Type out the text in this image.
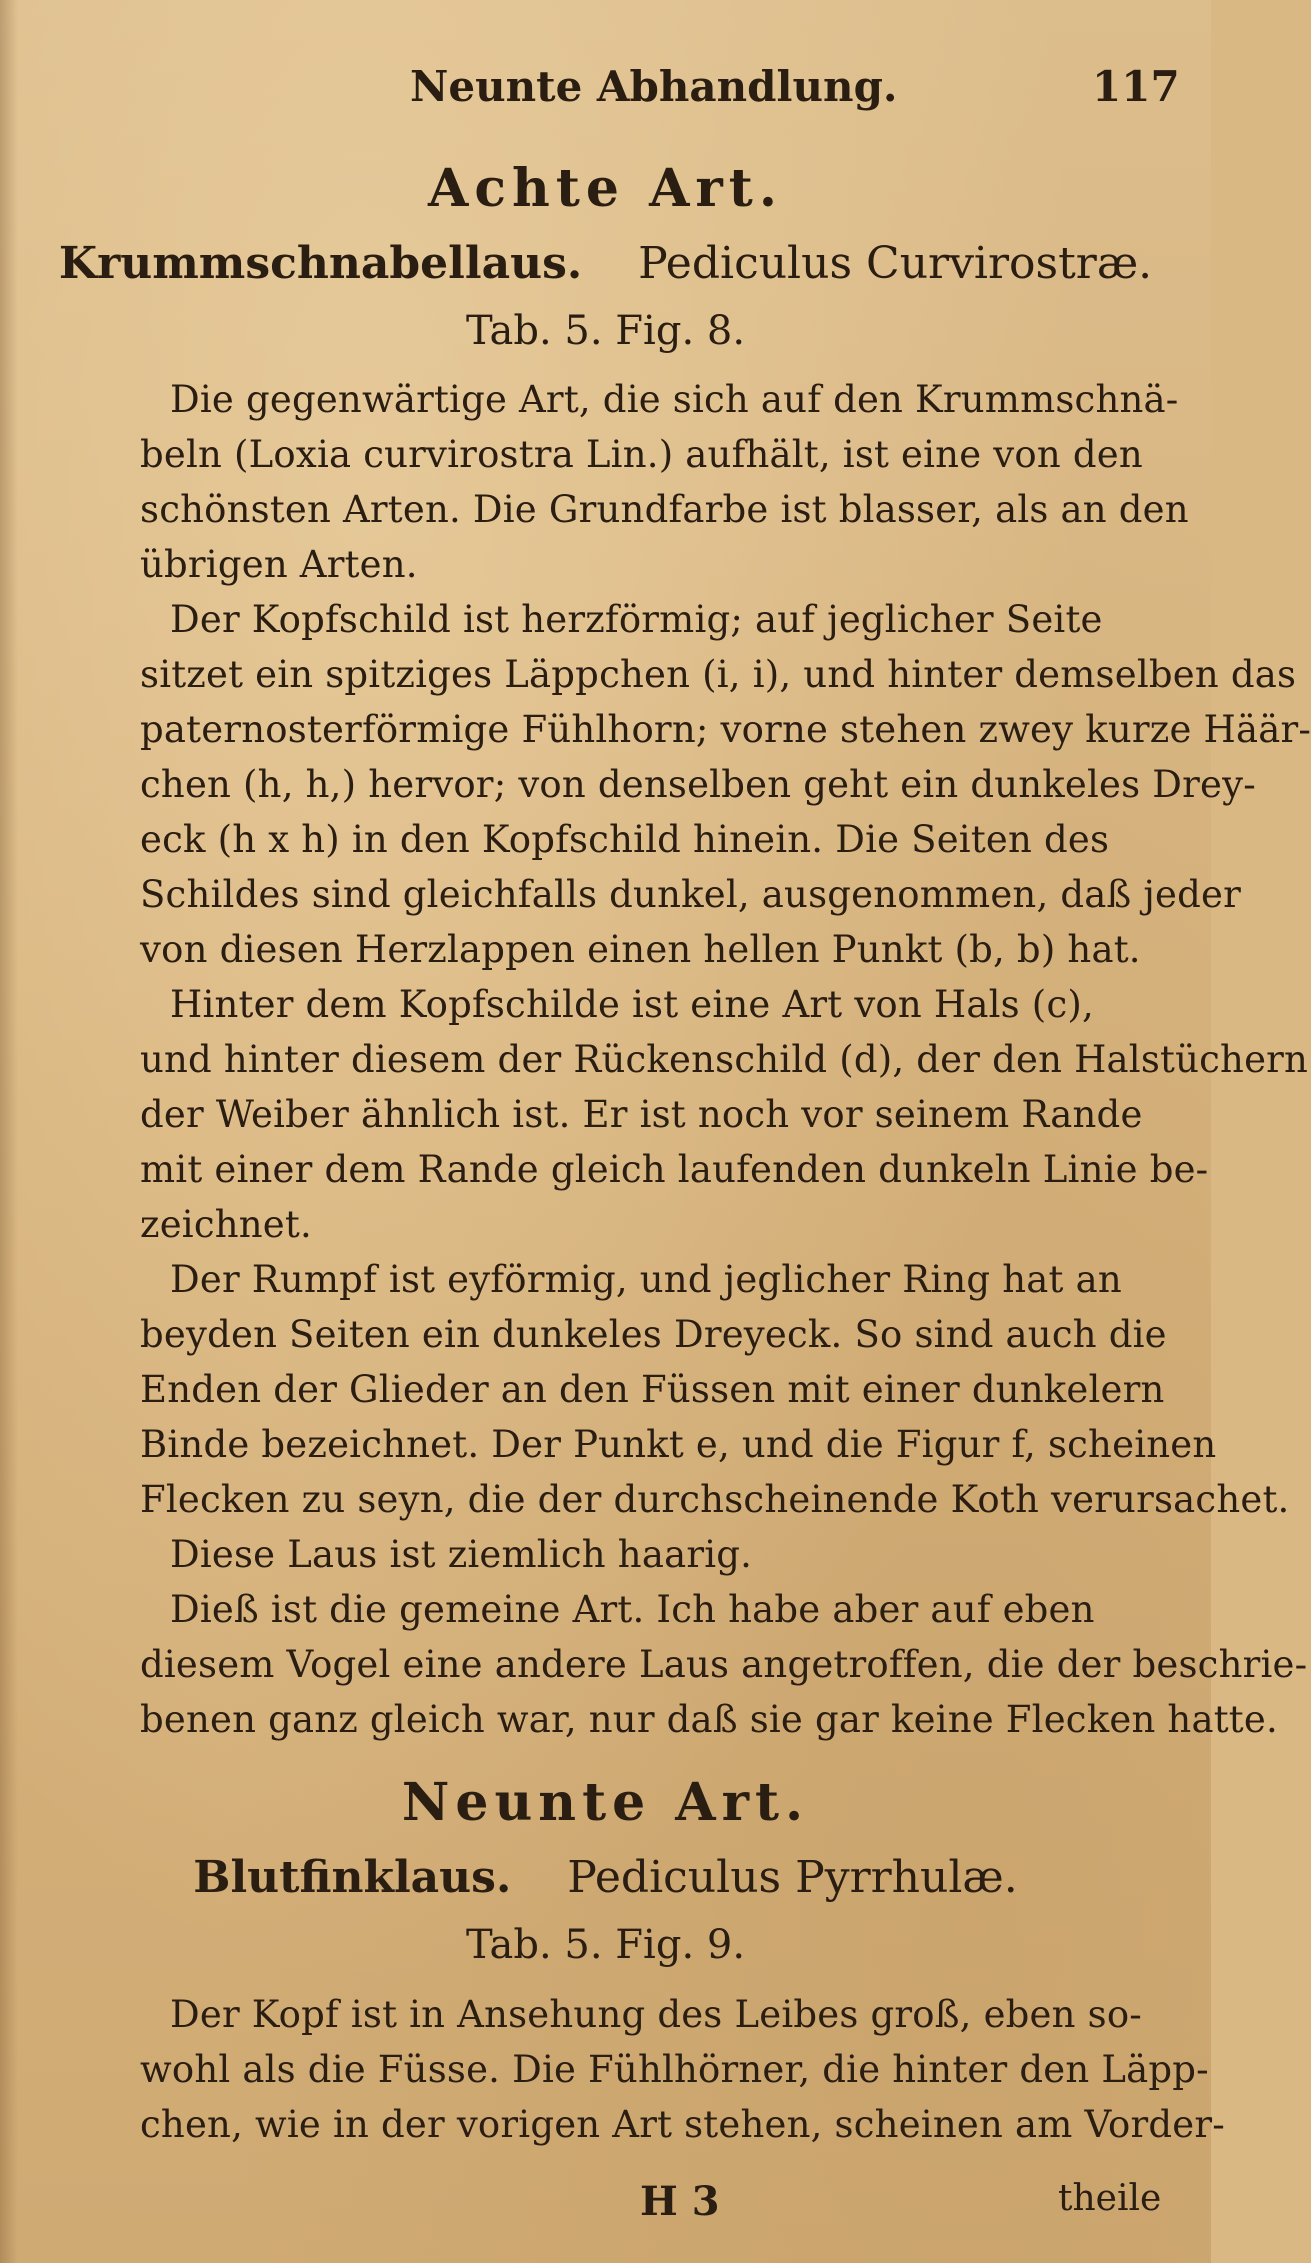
Neunte Abhandlung.	117
Achte Art.
Krummschnabellaus. Pediculus Curvirostræ.
Tab. 5. Fig. 8.
Die gegenwärtige Art, die sich auf den Krummschnä-
beln (Loxia curvirostra Lin.) aufhält, ist eine von den
schönsten Arten. Die Grundfarbe ist blasser, als an den
übrigen Arten.
Der Kopfschild ist herzförmig; auf jeglicher Seite
sitzet ein spitziges Läppchen (i, i), und hinter demselben das
paternosterförmige Fühlhorn; vorne stehen zwey kurze Häär-
chen (h, h,) hervor; von denselben geht ein dunkeles Drey-
eck (h x h) in den Kopfschild hinein. Die Seiten des
Schildes sind gleichfalls dunkel, ausgenommen, daß jeder
von diesen Herzlappen einen hellen Punkt (b, b) hat.
Hinter dem Kopfschilde ist eine Art von Hals (c),
und hinter diesem der Rückenschild (d), der den Halstüchern
der Weiber ähnlich ist. Er ist noch vor seinem Rande
mit einer dem Rande gleich laufenden dunkeln Linie be-
zeichnet.
Der Rumpf ist eyförmig, und jeglicher Ring hat an
beyden Seiten ein dunkeles Dreyeck. So sind auch die
Enden der Glieder an den Füssen mit einer dunkelern
Binde bezeichnet. Der Punkt e, und die Figur f, scheinen
Flecken zu seyn, die der durchscheinende Koth verursachet.
Diese Laus ist ziemlich haarig.
Dieß ist die gemeine Art. Ich habe aber auf eben
diesem Vogel eine andere Laus angetroffen, die der beschrie-
benen ganz gleich war, nur daß sie gar keine Flecken hatte.
Neunte Art.
Blutfinklaus. Pediculus Pyrrhulæ.
Tab. 5. Fig. 9.
Der Kopf ist in Ansehung des Leibes groß, eben so-
wohl als die Füsse. Die Fühlhörner, die hinter den Läpp-
chen, wie in der vorigen Art stehen, scheinen am Vorder-
H 3	theile
